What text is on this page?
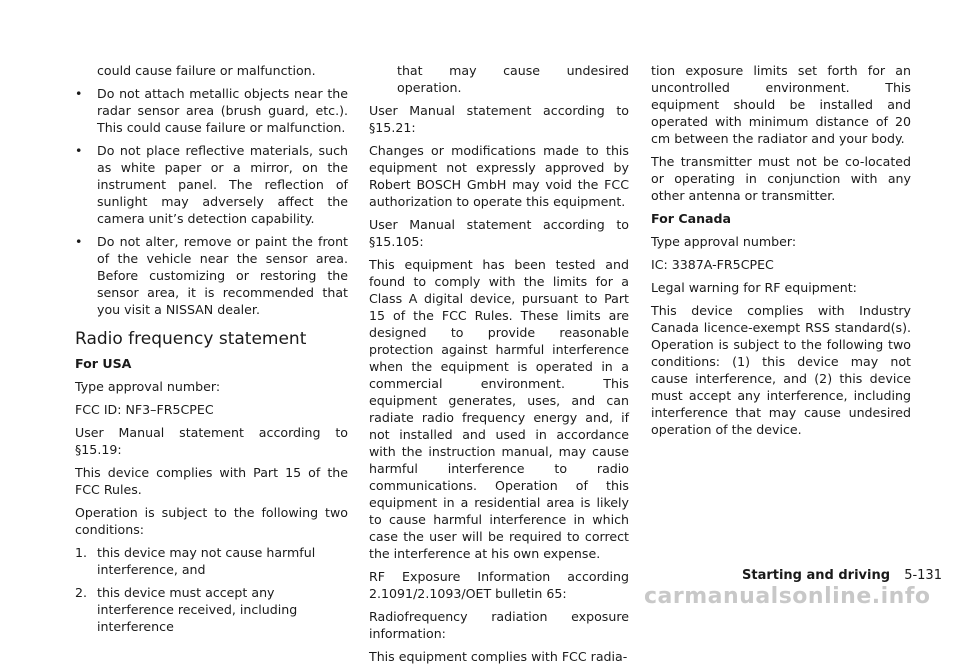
could cause failure or malfunction.

• Do not attach metallic objects near the radar sensor area (brush guard, etc.). This could cause failure or malfunction.
• Do not place reflective materials, such as white paper or a mirror, on the instrument panel. The reflection of sunlight may adversely affect the camera unit’s detection capability.
• Do not alter, remove or paint the front of the vehicle near the sensor area. Before customizing or restoring the sensor area, it is recommended that you visit a NISSAN dealer.
Radio frequency statement

For USA

Type approval number:

FCC ID: NF3–FR5CPEC

User Manual statement according to §15.19:

This device complies with Part 15 of the FCC Rules.

Operation is subject to the following two conditions:

1. this device may not cause harmful interference, and
2. this device must accept any interference received, including interference

that may cause undesired operation.

User Manual statement according to §15.21:

Changes or modifications made to this equipment not expressly approved by Robert BOSCH GmbH may void the FCC authorization to operate this equipment.

User Manual statement according to §15.105:

This equipment has been tested and found to comply with the limits for a Class A digital device, pursuant to Part 15 of the FCC Rules. These limits are designed to provide reasonable protection against harmful interference when the equipment is operated in a commercial environment. This equipment generates, uses, and can radiate radio frequency energy and, if not installed and used in accordance with the instruction manual, may cause harmful interference to radio communications. Operation of this equipment in a residential area is likely to cause harmful interference in which case the user will be required to correct the interference at his own expense.

RF Exposure Information according 2.1091/2.1093/OET bulletin 65:

Radiofrequency radiation exposure information:

This equipment complies with FCC radia-

tion exposure limits set forth for an uncontrolled environment. This equipment should be installed and operated with minimum distance of 20 cm between the radiator and your body.

The transmitter must not be co-located or operating in conjunction with any other antenna or transmitter.

For Canada

Type approval number:

IC: 3387A-FR5CPEC

Legal warning for RF equipment:

This device complies with Industry Canada licence-exempt RSS standard(s). Operation is subject to the following two conditions: (1) this device may not cause interference, and (2) this device must accept any interference, including interference that may cause undesired operation of the device.

Starting and driving 5-131
carmanualsonline.info
